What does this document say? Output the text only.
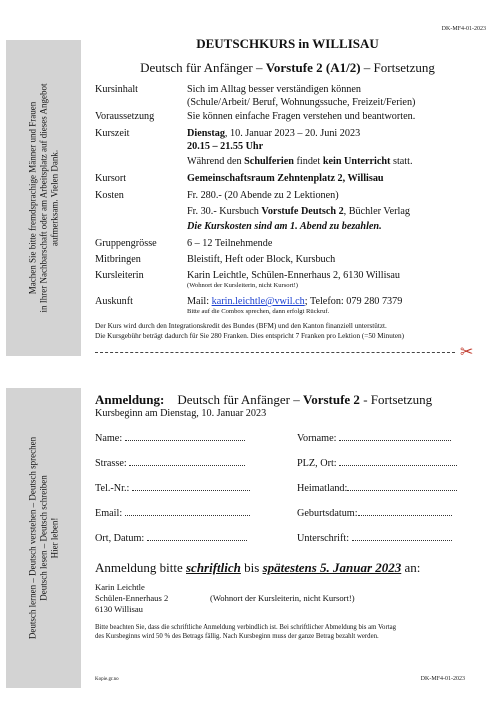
DK-MF4-01-2023
Machen Sie bitte fremdsprachige Männer und Frauen
in Ihrer Nachbarschaft oder am Arbeitsplatz auf dieses Angebot
aufmerksam. Vielen Dank.
Deutsch lernen – Deutsch verstehen – Deutsch sprechen
Deutsch lesen – Deutsch schreiben
Hier leben!
DEUTSCHKURS in WILLISAU
Deutsch für Anfänger – Vorstufe 2 (A1/2) – Fortsetzung
Kursinhalt
Voraussetzung
Kurszeit
Kursort
Kosten
Gruppengrösse
Mitbringen
Kursleiterin
Auskunft
Sich im Alltag besser verständigen können
(Schule/Arbeit/ Beruf, Wohnungssuche, Freizeit/Ferien)
Sie können einfache Fragen verstehen und beantworten.
Dienstag, 10. Januar 2023 – 20. Juni 2023
20.15 – 21.55 Uhr
Während den Schulferien findet kein Unterricht statt.
Gemeinschaftsraum Zehntenplatz 2, Willisau
Fr. 280.- (20 Abende zu 2 Lektionen)
Fr. 30.- Kursbuch Vorstufe Deutsch 2, Büchler Verlag
Die Kurskosten sind am 1. Abend zu bezahlen.
6 – 12 Teilnehmende
Bleistift, Heft oder Block, Kursbuch
Karin Leichtle, Schülen-Ennerhaus 2, 6130 Willisau
(Wohnort der Kursleiterin, nicht Kursort!)
Mail: karin.leichtle@vwil.ch; Telefon: 079 280 7379
Bitte auf die Combox sprechen, dann erfolgt Rückruf.
Der Kurs wird durch den Integrationskredit des Bundes (BFM) und den Kanton finanziell unterstützt.
Die Kursgebühr beträgt dadurch für Sie 280 Franken. Dies entspricht 7 Franken pro Lektion (=50 Minuten)
✂
Anmeldung: Deutsch für Anfänger – Vorstufe 2 - Fortsetzung
Kursbeginn am Dienstag, 10. Januar 2023
Name:
Strasse:
Tel.-Nr.:
Email:
Ort, Datum:
Vorname:
PLZ, Ort:
Heimatland:
Geburtsdatum:
Unterschrift:
Anmeldung bitte schriftlich bis spätestens 5. Januar 2023 an:
Karin Leichtle
Schülen-Ennerhaus 2	(Wohnort der Kursleiterin, nicht Kursort!)
6130 Willisau
Bitte beachten Sie, dass die schriftliche Anmeldung verbindlich ist. Bei schriftlicher Abmeldung bis am Vortag
des Kursbeginns wird 50 % des Betrags fällig. Nach Kursbeginn muss der ganze Betrag bezahlt werden.
Kopie.gr.no	DK-MF4-01-2023
